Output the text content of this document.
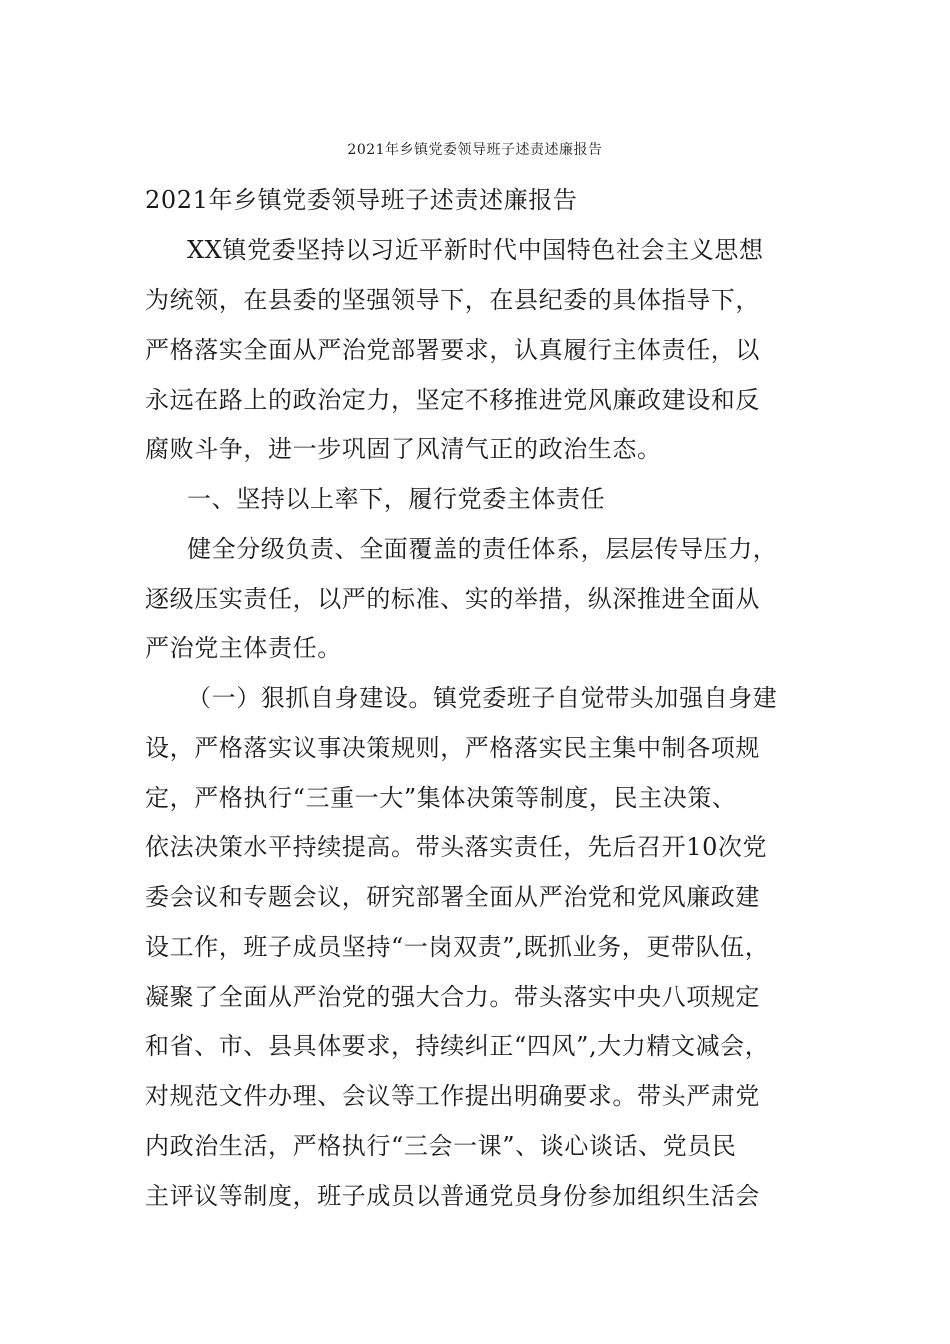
2021年乡镇党委领导班子述责述廉报告

2021年乡镇党委领导班子述责述廉报告

XX镇党委坚持以习近平新时代中国特色社会主义思想

为统领，在县委的坚强领导下，在县纪委的具体指导下，

严格落实全面从严治党部署要求，认真履行主体责任，以

永远在路上的政治定力，坚定不移推进党风廉政建设和反

腐败斗争，进一步巩固了风清气正的政治生态。

一、坚持以上率下，履行党委主体责任

健全分级负责、全面覆盖的责任体系，层层传导压力，

逐级压实责任，以严的标准、实的举措，纵深推进全面从

严治党主体责任。

（一）狠抓自身建设。镇党委班子自觉带头加强自身建

设，严格落实议事决策规则，严格落实民主集中制各项规

定，严格执行“三重一大”集体决策等制度，民主决策、

依法决策水平持续提高。带头落实责任，先后召开10次党

委会议和专题会议，研究部署全面从严治党和党风廉政建

设工作，班子成员坚持“一岗双责”,既抓业务，更带队伍，

凝聚了全面从严治党的强大合力。带头落实中央八项规定

和省、市、县具体要求，持续纠正“四风”,大力精文减会，

对规范文件办理、会议等工作提出明确要求。带头严肃党

内政治生活，严格执行“三会一课”、谈心谈话、党员民

主评议等制度，班子成员以普通党员身份参加组织生活会
